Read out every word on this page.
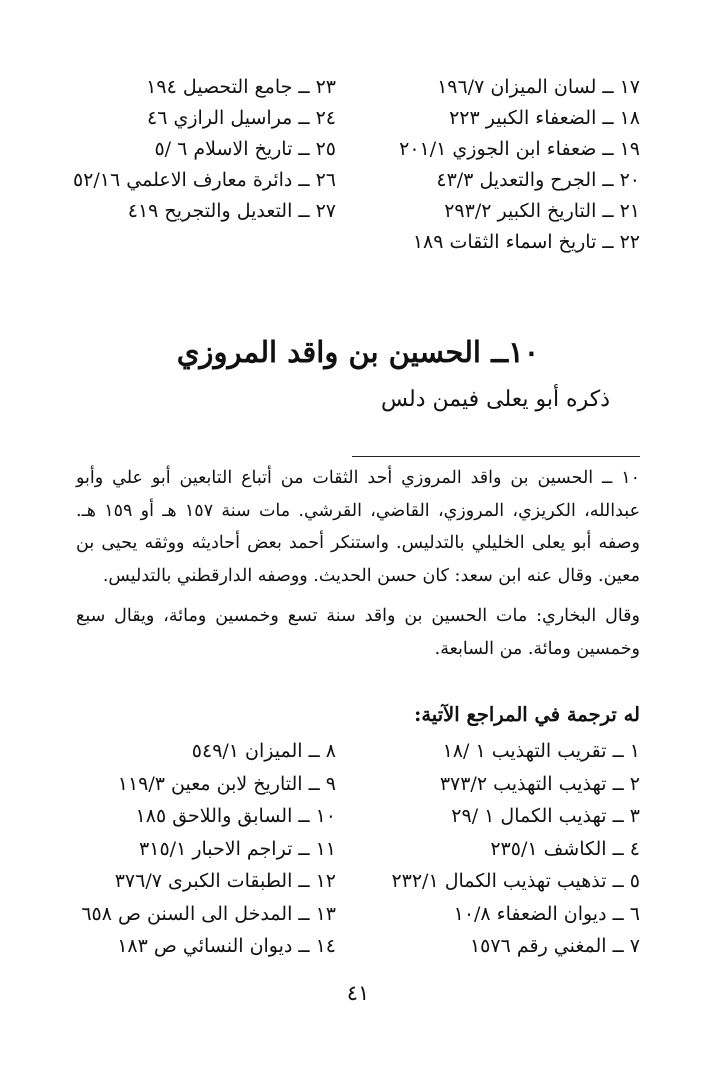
١٧ ــ لسان الميزان ١٩٦/٧
١٨ ــ الضعفاء الكبير ٢٢٣
١٩ ــ ضعفاء ابن الجوزي ٢٠١/١
٢٠ ــ الجرح والتعديل ٤٣/٣
٢١ ــ التاريخ الكبير ٢٩٣/٢
٢٢ ــ تاريخ اسماء الثقات ١٨٩
٢٣ ــ جامع التحصيل ١٩٤
٢٤ ــ مراسيل الرازي ٤٦
٢٥ ــ تاريخ الاسلام ٦ /٥
٢٦ ــ دائرة معارف الاعلمي ٥٢/١٦
٢٧ ــ التعديل والتجريح ٤١٩
١٠ــ الحسين بن واقد المروزي
ذكره أبو يعلى فيمن دلس

١٠ ــ الحسين بن واقد المروزي أحد الثقات من أتباع التابعين أبو علي وأبو عبدالله، الكريزي، المروزي، القاضي، القرشي. مات سنة ١٥٧ هـ أو ١٥٩ هـ. وصفه أبو يعلى الخليلي بالتدليس. واستنكر أحمد بعض أحاديثه ووثقه يحيى بن معين. وقال عنه ابن سعد: كان حسن الحديث. ووصفه الدارقطني بالتدليس.

وقال البخاري: مات الحسين بن واقد سنة تسع وخمسين ومائة، ويقال سبع وخمسين ومائة. من السابعة.

له ترجمة في المراجع الآتية:
١ ــ تقريب التهذيب ١ /١٨
٢ ــ تهذيب التهذيب ٣٧٣/٢
٣ ــ تهذيب الكمال ١ /٢٩
٤ ــ الكاشف ٢٣٥/١
٥ ــ تذهيب تهذيب الكمال ٢٣٢/١
٦ ــ ديوان الضعفاء ١٠/٨
٧ ــ المغني رقم ١٥٧٦
٨ ــ الميزان ٥٤٩/١
٩ ــ التاريخ لابن معين ١١٩/٣
١٠ ــ السابق واللاحق ١٨٥
١١ ــ تراجم الاحبار ٣١٥/١
١٢ ــ الطبقات الكبرى ٣٧٦/٧
١٣ ــ المدخل الى السنن ص ٦٥٨
١٤ ــ ديوان النسائي ص ١٨٣
٤١
